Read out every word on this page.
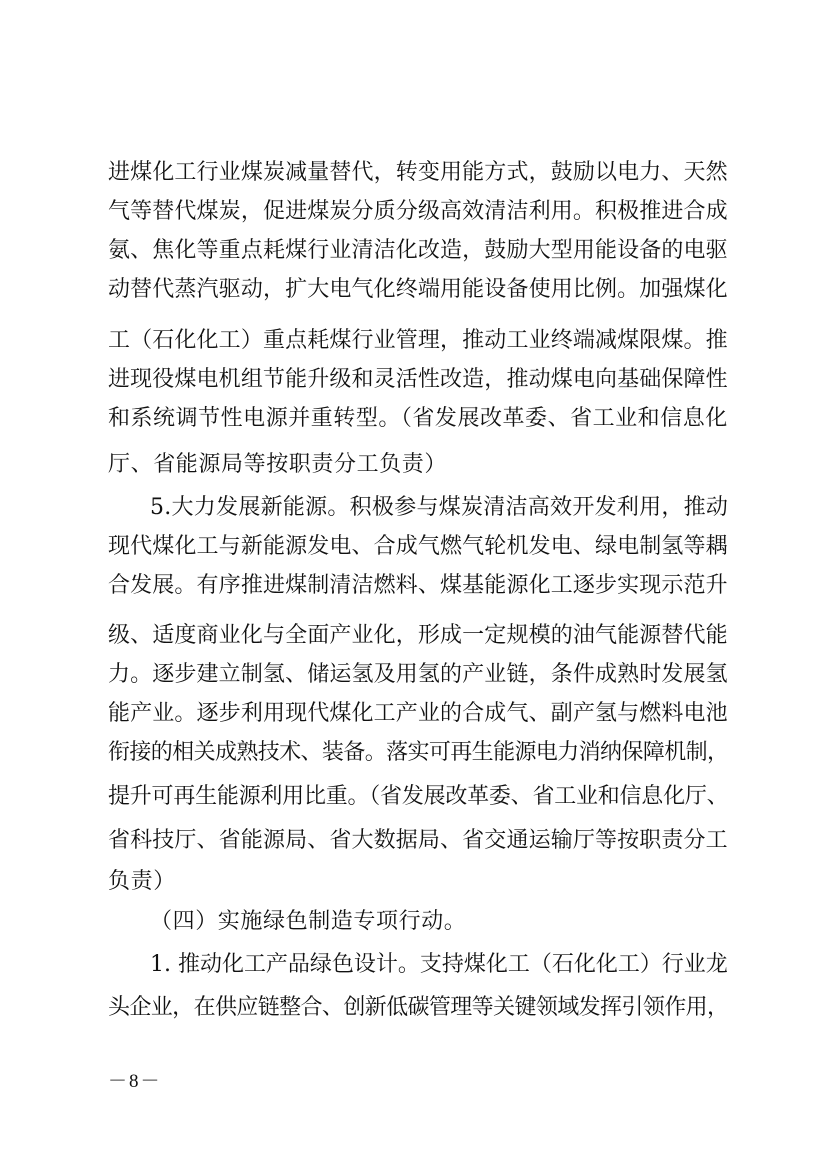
进煤化工行业煤炭减量替代，转变用能方式，鼓励以电力、天然
气等替代煤炭，促进煤炭分质分级高效清洁利用。积极推进合成
氨、焦化等重点耗煤行业清洁化改造，鼓励大型用能设备的电驱
动替代蒸汽驱动，扩大电气化终端用能设备使用比例。加强煤化
工（石化化工）重点耗煤行业管理，推动工业终端减煤限煤。推
进现役煤电机组节能升级和灵活性改造，推动煤电向基础保障性
和系统调节性电源并重转型。（省发展改革委、省工业和信息化
厅、省能源局等按职责分工负责）
5.大力发展新能源。积极参与煤炭清洁高效开发利用，推动
现代煤化工与新能源发电、合成气燃气轮机发电、绿电制氢等耦
合发展。有序推进煤制清洁燃料、煤基能源化工逐步实现示范升
级、适度商业化与全面产业化，形成一定规模的油气能源替代能
力。逐步建立制氢、储运氢及用氢的产业链，条件成熟时发展氢
能产业。逐步利用现代煤化工产业的合成气、副产氢与燃料电池
衔接的相关成熟技术、装备。落实可再生能源电力消纳保障机制，
提升可再生能源利用比重。（省发展改革委、省工业和信息化厅、
省科技厅、省能源局、省大数据局、省交通运输厅等按职责分工
负责）
（四）实施绿色制造专项行动。
1. 推动化工产品绿色设计。支持煤化工（石化化工）行业龙
头企业，在供应链整合、创新低碳管理等关键领域发挥引领作用，
－8－
